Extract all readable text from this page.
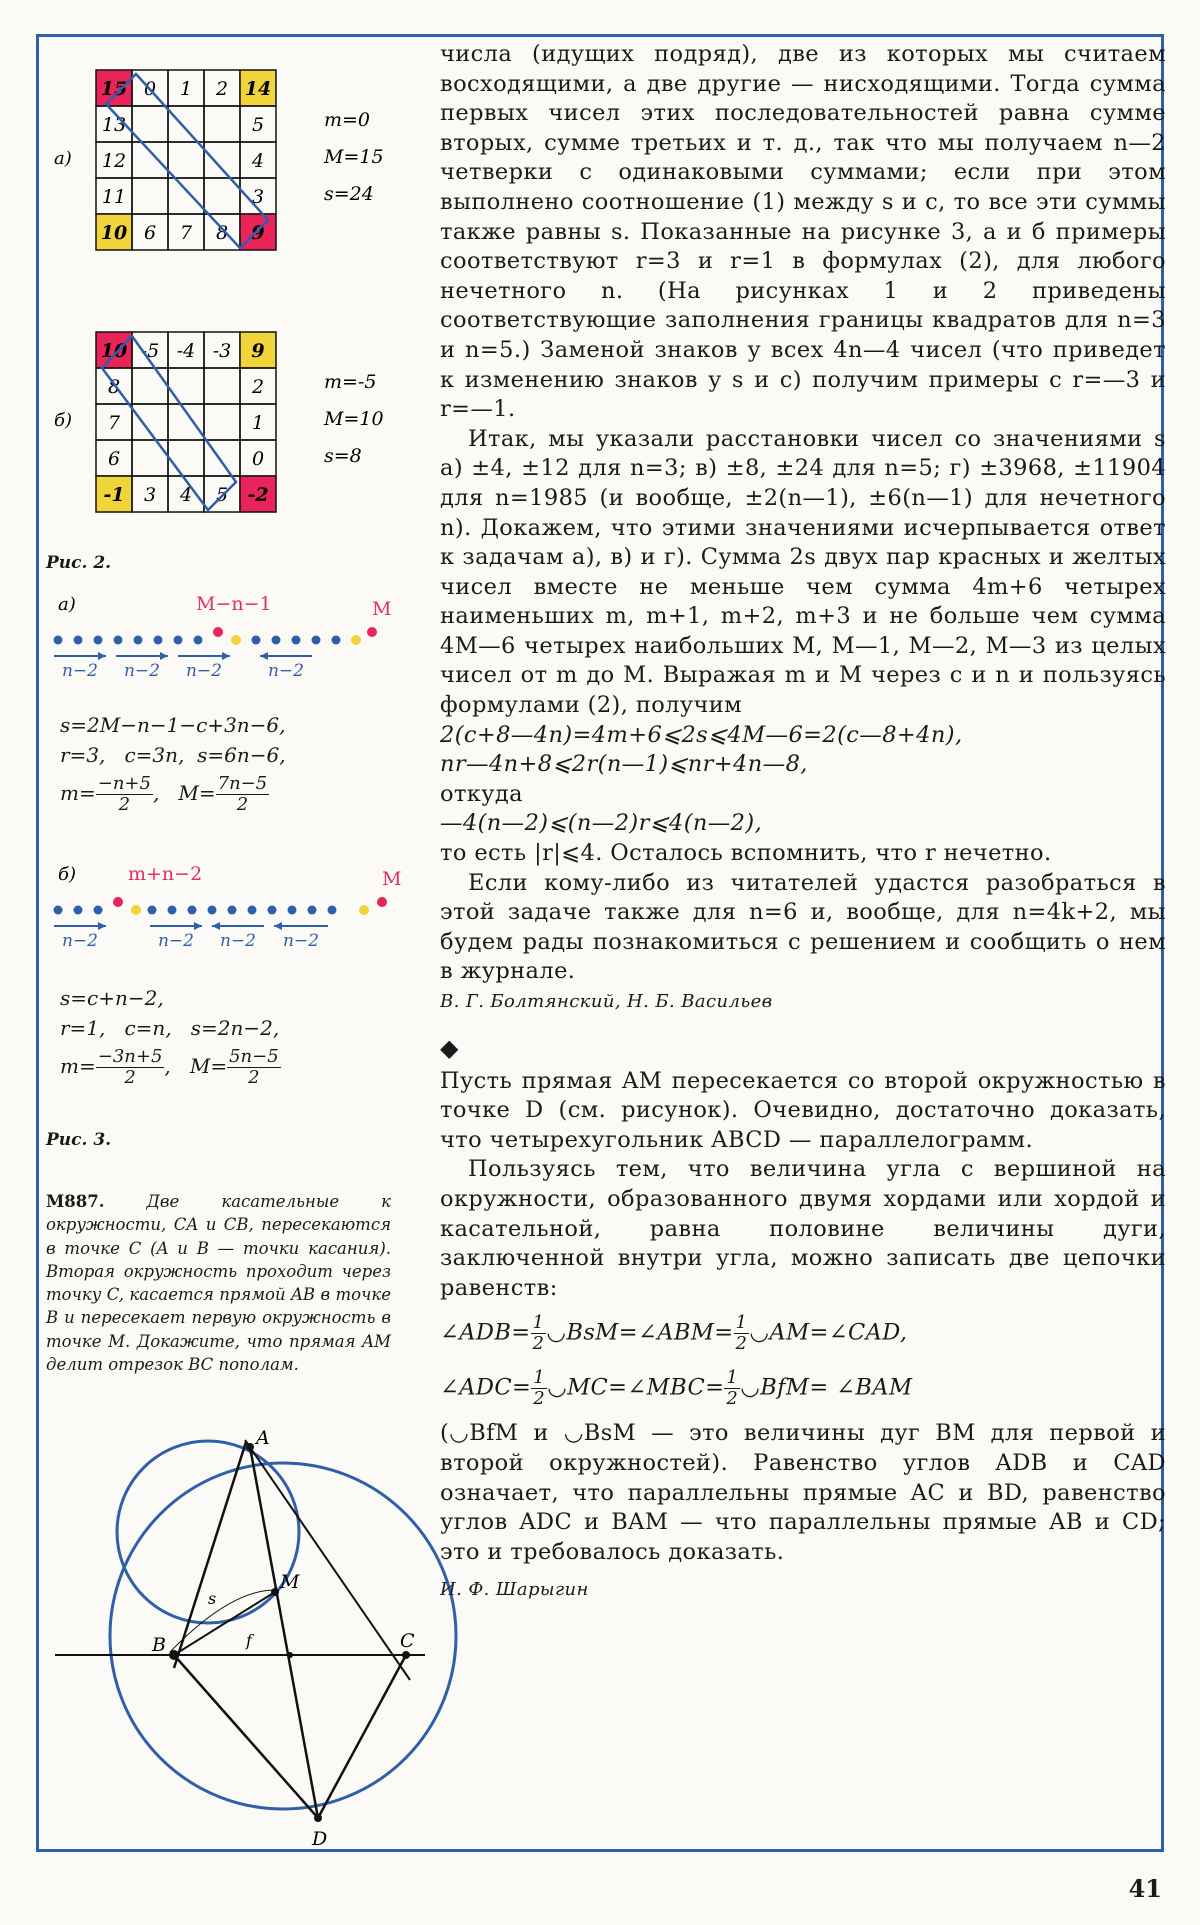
а)
15 0 1 2 14
13	5
12	4
11	3
10 6 7 8 9
m=0
M=15
s=24
б)
10 -5 -4 -3 9
8	2
7	1
6	0
-1 3 4 5 -2
m=-5
M=10
s=8
Рис. 2.
а)	M−n−1	M
n−2 n−2 n−2	n−2
s=2M−n−1−c+3n−6,
r=3,   c=3n,  s=6n−6,
$m= \frac{-n+5}{2}$ ,   $M= \frac{7n-5}{2}$
б)	m+n−2	M
n−2	n−2 n−2 n−2
s=c+n−2,
r=1,   c=n,   s=2n−2,
$m= \frac{-3n+5}{2}$ ,   $M= \frac{5n-5}{2}$
Рис. 3.
М887.	Две касательные к окружности, CA и CB, пересекаются в точке C (A и B — точки касания). Вторая окружность проходит через точку C, касается прямой AB в точке B и пересекает первую окружность в точке M. Докажите, что прямая AM делит отрезок BC пополам.
A
M
B	C
D
s
f

числа (идущих подряд), две из которых мы считаем восходящими, а две другие — нисходящими. Тогда сумма первых чисел этих последовательностей равна сумме вторых, сумме третьих и т. д., так что мы получаем n—2 четверки с одинаковыми суммами; если при этом выполнено соотношение (1) между s и c, то все эти суммы также равны s. Показанные на рисунке 3, а и б примеры соответствуют r=3 и r=1 в формулах (2), для любого нечетного n. (На рисунках 1 и 2 приведены соответствующие заполнения границы квадратов для n=3 и n=5.) Заменой знаков у всех 4n—4 чисел (что приведет к изменению знаков у s и c) получим примеры с r=—3 и r=—1.

Итак, мы указали расстановки чисел со значениями s а) ±4, ±12 для n=3; в) ±8, ±24 для n=5; г) ±3968, ±11904 для n=1985 (и вообще, ±2(n—1), ±6(n—1) для нечетного n). Докажем, что этими значениями исчерпывается ответ к задачам а), в) и г). Сумма 2s двух пар красных и желтых чисел вместе не меньше чем сумма 4m+6 четырех наименьших m, m+1, m+2, m+3 и не больше чем сумма 4M—6 четырех наибольших M, M—1, M—2, M—3 из целых чисел от m до M. Выражая m и M через c и n и пользуясь формулами (2), получим

2(c+8—4n)=4m+6⩽2s⩽4M—6=2(c—8+4n),

nr—4n+8⩽2r(n—1)⩽nr+4n—8,

откуда

—4(n—2)⩽(n—2)r⩽4(n—2),

то есть |r|⩽4. Осталось вспомнить, что r нечетно.

Если кому-либо из читателей удастся разобраться в этой задаче также для n=6 и, вообще, для n=4k+2, мы будем рады познакомиться с решением и сообщить о нем в журнале.

В. Г. Болтянский, Н. Б. Васильев

◆

Пусть прямая AM пересекается со второй окружностью в точке D (см. рисунок). Очевидно, достаточно доказать, что четырехугольник ABCD — параллелограмм.

Пользуясь тем, что величина угла с вершиной на окружности, образованного двумя хордами или хордой и касательной, равна половине величины дуги, заключенной внутри угла, можно записать две цепочки равенств:

∠ADB= $\frac{1}{2}$ ◡BsM=∠ABM= $\frac{1}{2}$ ◡AM=∠CAD,

∠ADC= $\frac{1}{2}$ ◡MC=∠MBC= $\frac{1}{2}$ ◡BfM= ∠BAM

(◡BfM и ◡BsM — это величины дуг BM для первой и второй окружностей). Равенство углов ADB и CAD означает, что параллельны прямые AC и BD, равенство углов ADC и BAM — что параллельны прямые AB и CD; это и требовалось доказать.

И. Ф. Шарыгин

41
